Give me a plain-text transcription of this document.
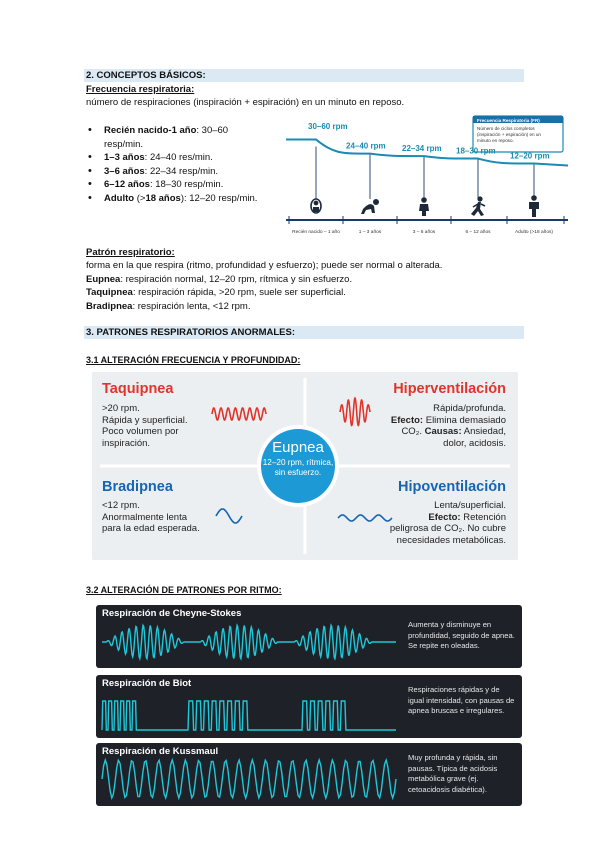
2. CONCEPTOS BÁSICOS:
Frecuencia respiratoria:
número de respiraciones (inspiración + espiración) en un minuto en reposo.
• Recién nacido-1 año: 30–60
resp/min.
• 1–3 años: 24–40 res/min.
• 3–6 años: 22–34 resp/min.
• 6–12 años: 18–30 resp/min.
• Adulto (>18 años): 12–20 resp/min.
Frecuencia Respiratoria (FR)
Número de ciclos completos
(inspiración + espiración) en un
minuto en reposo.
30–60 rpm
24–40 rpm 22–34 rpm 18–30 rpm
12–20 rpm
Recién nacido – 1 año	1 – 3 años	3 – 6 años	6 – 12 años	Adulto (>18 años)
Patrón respiratorio:
forma en la que respira (ritmo, profundidad y esfuerzo); puede ser normal o alterada.
Eupnea: respiración normal, 12–20 rpm, rítmica y sin esfuerzo.
Taquipnea: respiración rápida, >20 rpm, suele ser superficial.
Bradipnea: respiración lenta, <12 rpm.
3. PATRONES RESPIRATORIOS ANORMALES:
3.1 ALTERACIÓN FRECUENCIA Y PROFUNDIDAD:
Taquipnea
>20 rpm.
Rápida y superficial.
Poco volumen por
inspiración.
Hiperventilación
Rápida/profunda.
Efecto: Elimina demasiado
CO₂. Causas: Ansiedad,
dolor, acidosis.
Eupnea
12–20 rpm, rítmica,
sin esfuerzo.
Bradipnea
<12 rpm.
Anormalmente lenta
para la edad esperada.
Hipoventilación
Lenta/superficial.
Efecto: Retención
peligrosa de CO₂. No cubre
necesidades metabólicas.
3.2 ALTERACIÓN DE PATRONES POR RITMO:
Respiración de Cheyne-Stokes
Aumenta y disminuye en profundidad, seguido de apnea. Se repite en oleadas.
Respiración de Biot
Respiraciones rápidas y de igual intensidad, con pausas de apnea bruscas e irregulares.
Respiración de Kussmaul
Muy profunda y rápida, sin pausas. Típica de acidosis metabólica grave (ej. cetoacidosis diabética).
